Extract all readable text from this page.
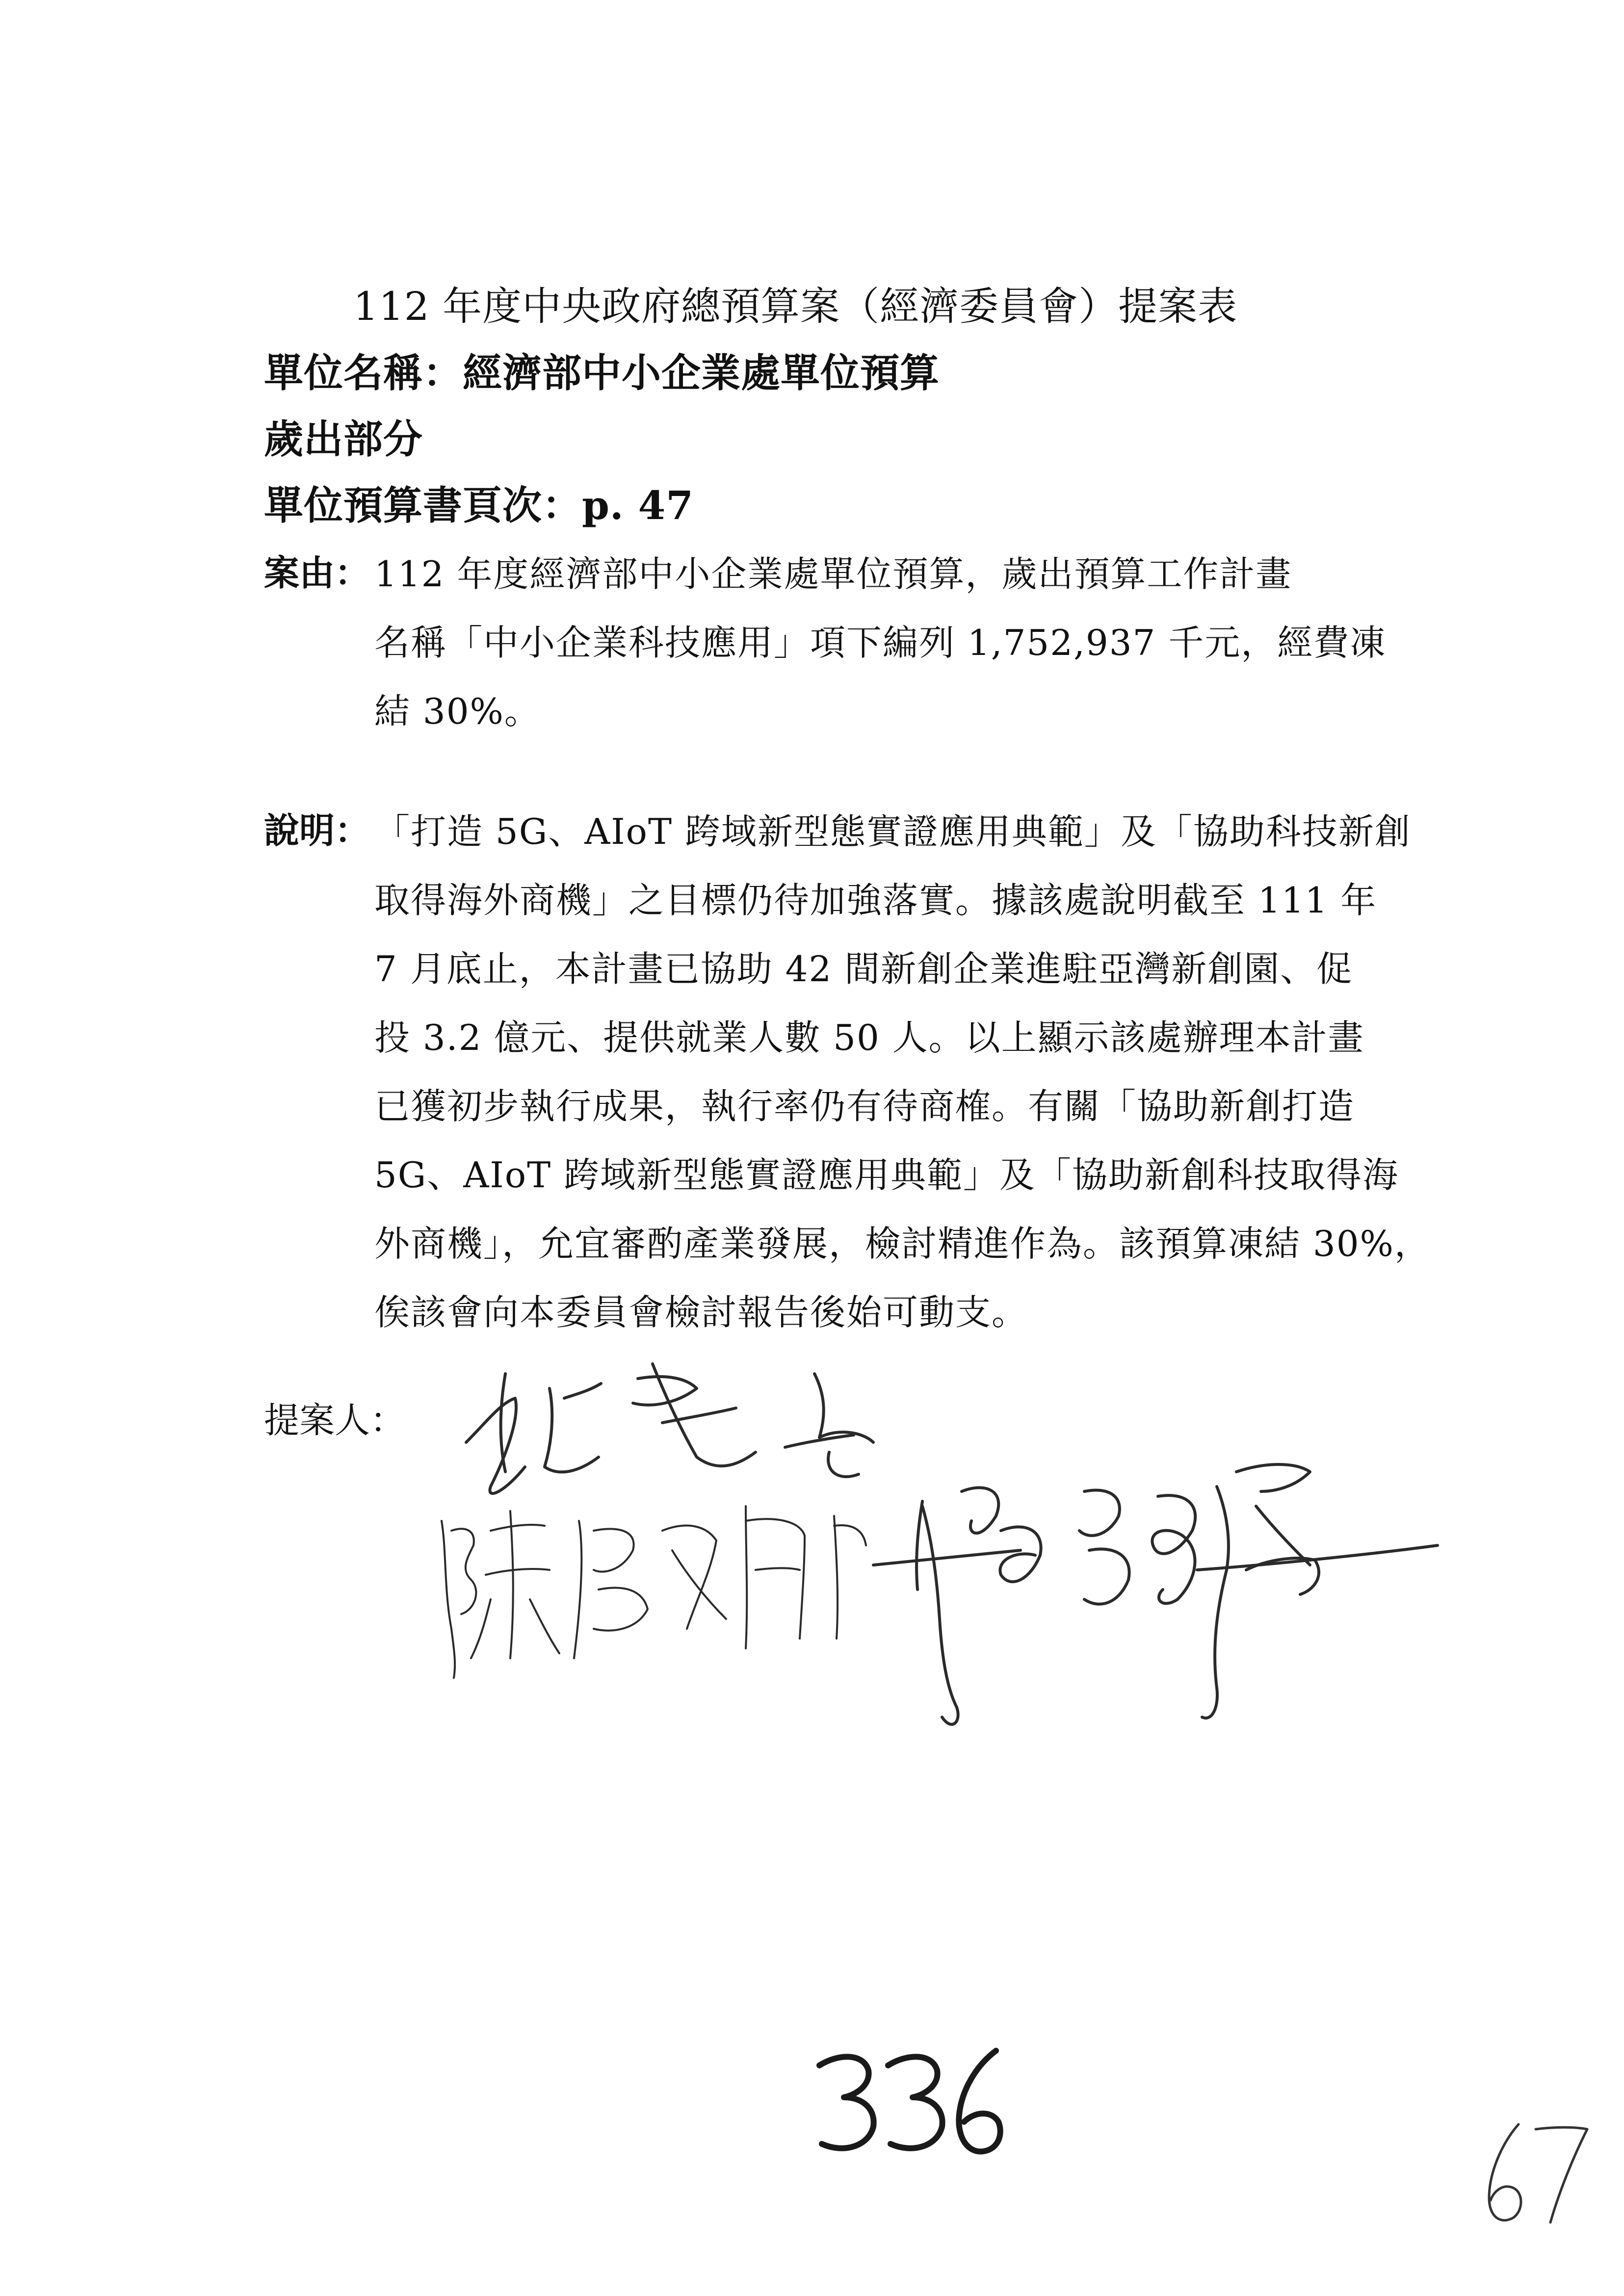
112 年度中央政府總預算案（經濟委員會）提案表
單位名稱：經濟部中小企業處單位預算
歲出部分
單位預算書頁次：p. 47
案由： 112 年度經濟部中小企業處單位預算，歲出預算工作計畫
名稱「中小企業科技應用」項下編列 1,752,937 千元，經費凍
結 30%。
說明： 「打造 5G、AIoT 跨域新型態實證應用典範」及「協助科技新創
取得海外商機」之目標仍待加強落實。據該處說明截至 111 年
7 月底止，本計畫已協助 42 間新創企業進駐亞灣新創園、促
投 3.2 億元、提供就業人數 50 人。以上顯示該處辦理本計畫
已獲初步執行成果，執行率仍有待商榷。有關「協助新創打造
5G、AIoT 跨域新型態實證應用典範」及「協助新創科技取得海
外商機」，允宜審酌產業發展，檢討精進作為。該預算凍結 30%，
俟該會向本委員會檢討報告後始可動支。
提案人：
